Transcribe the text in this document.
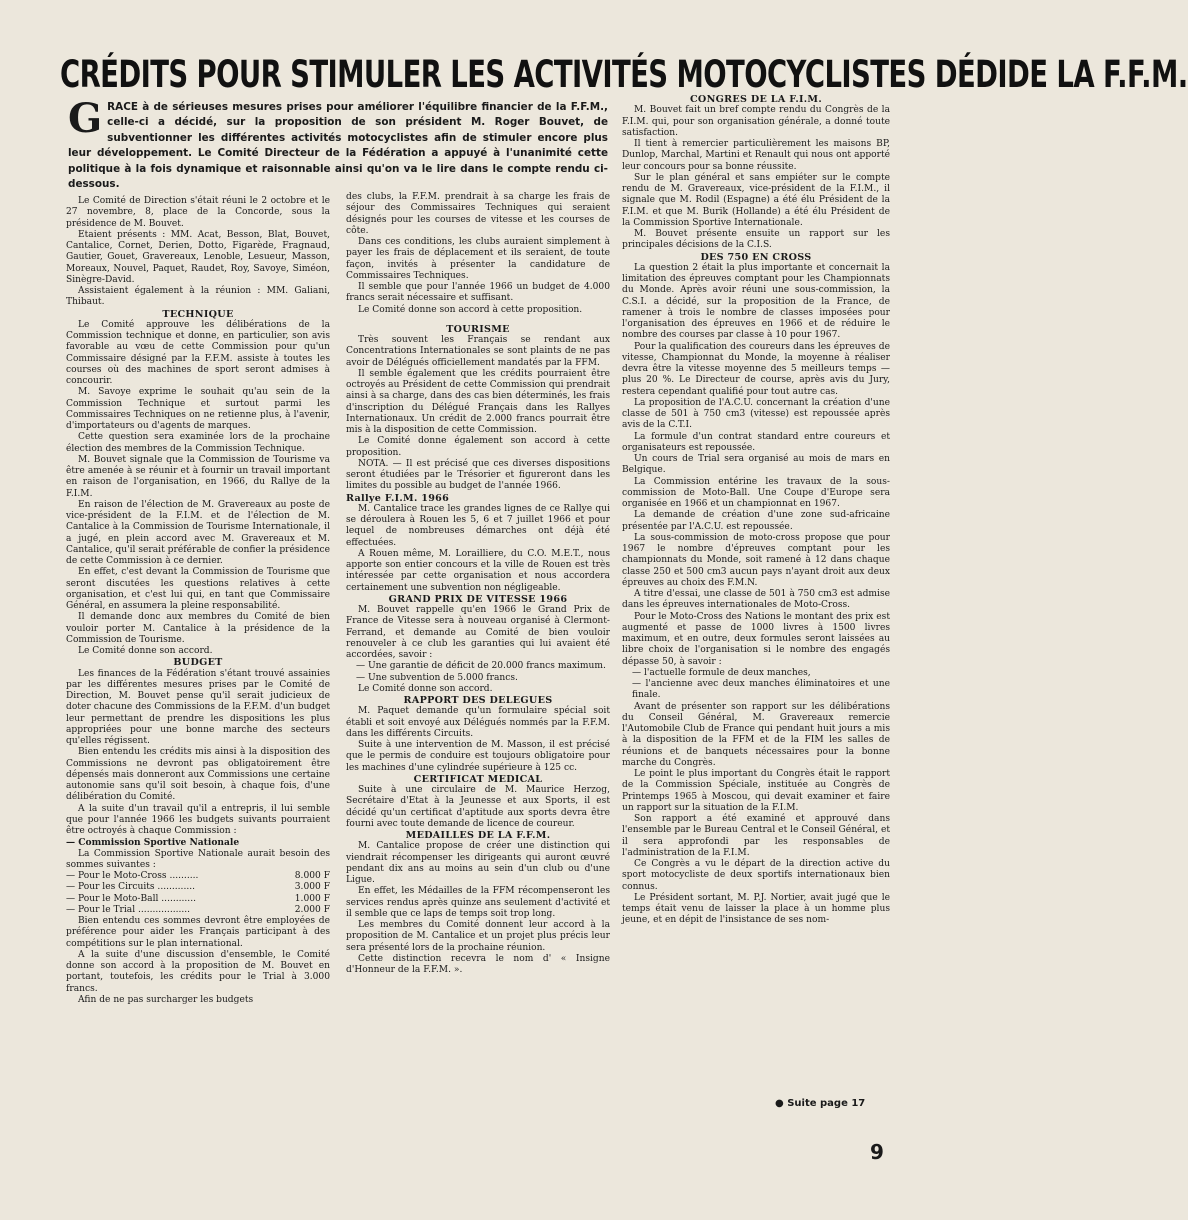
CRÉDITS POUR STIMULER LES ACTIVITÉS MOTOCYCLISTES DÉDIDE LA F.F.M.
GRACE à de sérieuses mesures prises pour améliorer l'équilibre financier de la F.F.M., celle-ci a décidé, sur la proposition de son président M. Roger Bouvet, de subventionner les différentes activités motocyclistes afin de stimuler encore plus leur développement. Le Comité Directeur de la Fédération a appuyé à l'unanimité cette politique à la fois dynamique et raisonnable ainsi qu'on va le lire dans le compte rendu ci-dessous.

Le Comité de Direction s'était réuni le 2 octobre et le 27 novembre, 8, place de la Concorde, sous la présidence de M. Bouvet.

Etaient présents : MM. Acat, Besson, Blat, Bouvet, Cantalice, Cornet, Derien, Dotto, Figarède, Fragnaud, Gautier, Gouet, Gravereaux, Lenoble, Lesueur, Masson, Moreaux, Nouvel, Paquet, Raudet, Roy, Savoye, Siméon, Sinègre-David.

Assistaient également à la réunion : MM. Galiani, Thibaut.

TECHNIQUE

Le Comité approuve les délibérations de la Commission technique et donne, en particulier, son avis favorable au vœu de cette Commission pour qu'un Commissaire désigné par la F.F.M. assiste à toutes les courses où des machines de sport seront admises à concourir.

M. Savoye exprime le souhait qu'au sein de la Commission Technique et surtout parmi les Commissaires Techniques on ne retienne plus, à l'avenir, d'importateurs ou d'agents de marques.

Cette question sera examinée lors de la prochaine élection des membres de la Commission Technique.

M. Bouvet signale que la Commission de Tourisme va être amenée à se réunir et à fournir un travail important en raison de l'organisation, en 1966, du Rallye de la F.I.M.

En raison de l'élection de M. Gravereaux au poste de vice-président de la F.I.M. et de l'élection de M. Cantalice à la Commission de Tourisme Internationale, il a jugé, en plein accord avec M. Gravereaux et M. Cantalice, qu'il serait préférable de confier la présidence de cette Commission à ce dernier.

En effet, c'est devant la Commission de Tourisme que seront discutées les questions relatives à cette organisation, et c'est lui qui, en tant que Commissaire Général, en assumera la pleine responsabilité.

Il demande donc aux membres du Comité de bien vouloir porter M. Cantalice à la présidence de la Commission de Tourisme.

Le Comité donne son accord.

BUDGET

Les finances de la Fédération s'étant trouvé assainies par les différentes mesures prises par le Comité de Direction, M. Bouvet pense qu'il serait judicieux de doter chacune des Commissions de la F.F.M. d'un budget leur permettant de prendre les dispositions les plus appropriées pour une bonne marche des secteurs qu'elles régissent.

Bien entendu les crédits mis ainsi à la disposition des Commissions ne devront pas obligatoirement être dépensés mais donneront aux Commissions une certaine autonomie sans qu'il soit besoin, à chaque fois, d'une délibération du Comité.

A la suite d'un travail qu'il a entrepris, il lui semble que pour l'année 1966 les budgets suivants pourraient être octroyés à chaque Commission :

— Commission Sportive Nationale

La Commission Sportive Nationale aurait besoin des sommes suivantes :

— Pour le Moto-Cross ..........	8.000 F
— Pour les Circuits .............	3.000 F
— Pour le Moto-Ball ............	1.000 F
— Pour le Trial ..................	2.000 F

Bien entendu ces sommes devront être employées de préférence pour aider les Français participant à des compétitions sur le plan international.

A la suite d'une discussion d'ensemble, le Comité donne son accord à la proposition de M. Bouvet en portant, toutefois, les crédits pour le Trial à 3.000 francs.

Afin de ne pas surcharger les budgets

des clubs, la F.F.M. prendrait à sa charge les frais de séjour des Commissaires Techniques qui seraient désignés pour les courses de vitesse et les courses de côte.

Dans ces conditions, les clubs auraient simplement à payer les frais de déplacement et ils seraient, de toute façon, invités à présenter la candidature de Commissaires Techniques.

Il semble que pour l'année 1966 un budget de 4.000 francs serait nécessaire et suffisant.

Le Comité donne son accord à cette proposition.

TOURISME

Très souvent les Français se rendant aux Concentrations Internationales se sont plaints de ne pas avoir de Délégués officiellement mandatés par la FFM.

Il semble également que les crédits pourraient être octroyés au Président de cette Commission qui prendrait ainsi à sa charge, dans des cas bien déterminés, les frais d'inscription du Délégué Français dans les Rallyes Internationaux. Un crédit de 2.000 francs pourrait être mis à la disposition de cette Commission.

Le Comité donne également son accord à cette proposition.

NOTA. — Il est précisé que ces diverses dispositions seront étudiées par le Trésorier et figureront dans les limites du possible au budget de l'année 1966.

Rallye F.I.M. 1966

M. Cantalice trace les grandes lignes de ce Rallye qui se déroulera à Rouen les 5, 6 et 7 juillet 1966 et pour lequel de nombreuses démarches ont déjà été effectuées.

A Rouen même, M. Lorailliere, du C.O. M.E.T., nous apporte son entier concours et la ville de Rouen est très intéressée par cette organisation et nous accordera certainement une subvention non négligeable.

GRAND PRIX DE VITESSE 1966

M. Bouvet rappelle qu'en 1966 le Grand Prix de France de Vitesse sera à nouveau organisé à Clermont-Ferrand, et demande au Comité de bien vouloir renouveler à ce club les garanties qui lui avaient été accordées, savoir :

— Une garantie de déficit de 20.000 francs maximum.

— Une subvention de 5.000 francs.

Le Comité donne son accord.

RAPPORT DES DELEGUES

M. Paquet demande qu'un formulaire spécial soit établi et soit envoyé aux Délégués nommés par la F.F.M. dans les différents Circuits.

Suite à une intervention de M. Masson, il est précisé que le permis de conduire est toujours obligatoire pour les machines d'une cylindrée supérieure à 125 cc.

CERTIFICAT MEDICAL

Suite à une circulaire de M. Maurice Herzog, Secrétaire d'Etat à la Jeunesse et aux Sports, il est décidé qu'un certificat d'aptitude aux sports devra être fourni avec toute demande de licence de coureur.

MEDAILLES DE LA F.F.M.

M. Cantalice propose de créer une distinction qui viendrait récompenser les dirigeants qui auront œuvré pendant dix ans au moins au sein d'un club ou d'une Ligue.

En effet, les Médailles de la FFM récompenseront les services rendus après quinze ans seulement d'activité et il semble que ce laps de temps soit trop long.

Les membres du Comité donnent leur accord à la proposition de M. Cantalice et un projet plus précis leur sera présenté lors de la prochaine réunion.

Cette distinction recevra le nom d' « Insigne d'Honneur de la F.F.M. ».

CONGRES DE LA F.I.M.

M. Bouvet fait un bref compte rendu du Congrès de la F.I.M. qui, pour son organisation générale, a donné toute satisfaction.

Il tient à remercier particulièrement les maisons BP, Dunlop, Marchal, Martini et Renault qui nous ont apporté leur concours pour sa bonne réussite.

Sur le plan général et sans empiéter sur le compte rendu de M. Gravereaux, vice-président de la F.I.M., il signale que M. Rodil (Espagne) a été élu Président de la F.I.M. et que M. Burik (Hollande) a été élu Président de la Commission Sportive Internationale.

M. Bouvet présente ensuite un rapport sur les principales décisions de la C.I.S.

DES 750 EN CROSS

La question 2 était la plus importante et concernait la limitation des épreuves comptant pour les Championnats du Monde. Après avoir réuni une sous-commission, la C.S.I. a décidé, sur la proposition de la France, de ramener à trois le nombre de classes imposées pour l'organisation des épreuves en 1966 et de réduire le nombre des courses par classe à 10 pour 1967.

Pour la qualification des coureurs dans les épreuves de vitesse, Championnat du Monde, la moyenne à réaliser devra être la vitesse moyenne des 5 meilleurs temps — plus 20 %. Le Directeur de course, après avis du Jury, restera cependant qualifié pour tout autre cas.

La proposition de l'A.C.U. concernant la création d'une classe de 501 à 750 cm3 (vitesse) est repoussée après avis de la C.T.I.

La formule d'un contrat standard entre coureurs et organisateurs est repoussée.

Un cours de Trial sera organisé au mois de mars en Belgique.

La Commission entérine les travaux de la sous-commission de Moto-Ball. Une Coupe d'Europe sera organisée en 1966 et un championnat en 1967.

La demande de création d'une zone sud-africaine présentée par l'A.C.U. est repoussée.

La sous-commission de moto-cross propose que pour 1967 le nombre d'épreuves comptant pour les championnats du Monde, soit ramené à 12 dans chaque classe 250 et 500 cm3 aucun pays n'ayant droit aux deux épreuves au choix des F.M.N.

A titre d'essai, une classe de 501 à 750 cm3 est admise dans les épreuves internationales de Moto-Cross.

Pour le Moto-Cross des Nations le montant des prix est augmenté et passe de 1000 livres à 1500 livres maximum, et en outre, deux formules seront laissées au libre choix de l'organisation si le nombre des engagés dépasse 50, à savoir :

— l'actuelle formule de deux manches,

— l'ancienne avec deux manches éliminatoires et une finale.

Avant de présenter son rapport sur les délibérations du Conseil Général, M. Gravereaux remercie l'Automobile Club de France qui pendant huit jours a mis à la disposition de la FFM et de la FIM les salles de réunions et de banquets nécessaires pour la bonne marche du Congrès.

Le point le plus important du Congrès était le rapport de la Commission Spéciale, instituée au Congrès de Printemps 1965 à Moscou, qui devait examiner et faire un rapport sur la situation de la F.I.M.

Son rapport a été examiné et approuvé dans l'ensemble par le Bureau Central et le Conseil Général, et il sera approfondi par les responsables de l'administration de la F.I.M.

Ce Congrès a vu le départ de la direction active du sport motocycliste de deux sportifs internationaux bien connus.

Le Président sortant, M. P.J. Nortier, avait jugé que le temps était venu de laisser la place à un homme plus jeune, et en dépit de l'insistance de ses nom-

● Suite page 17
9
